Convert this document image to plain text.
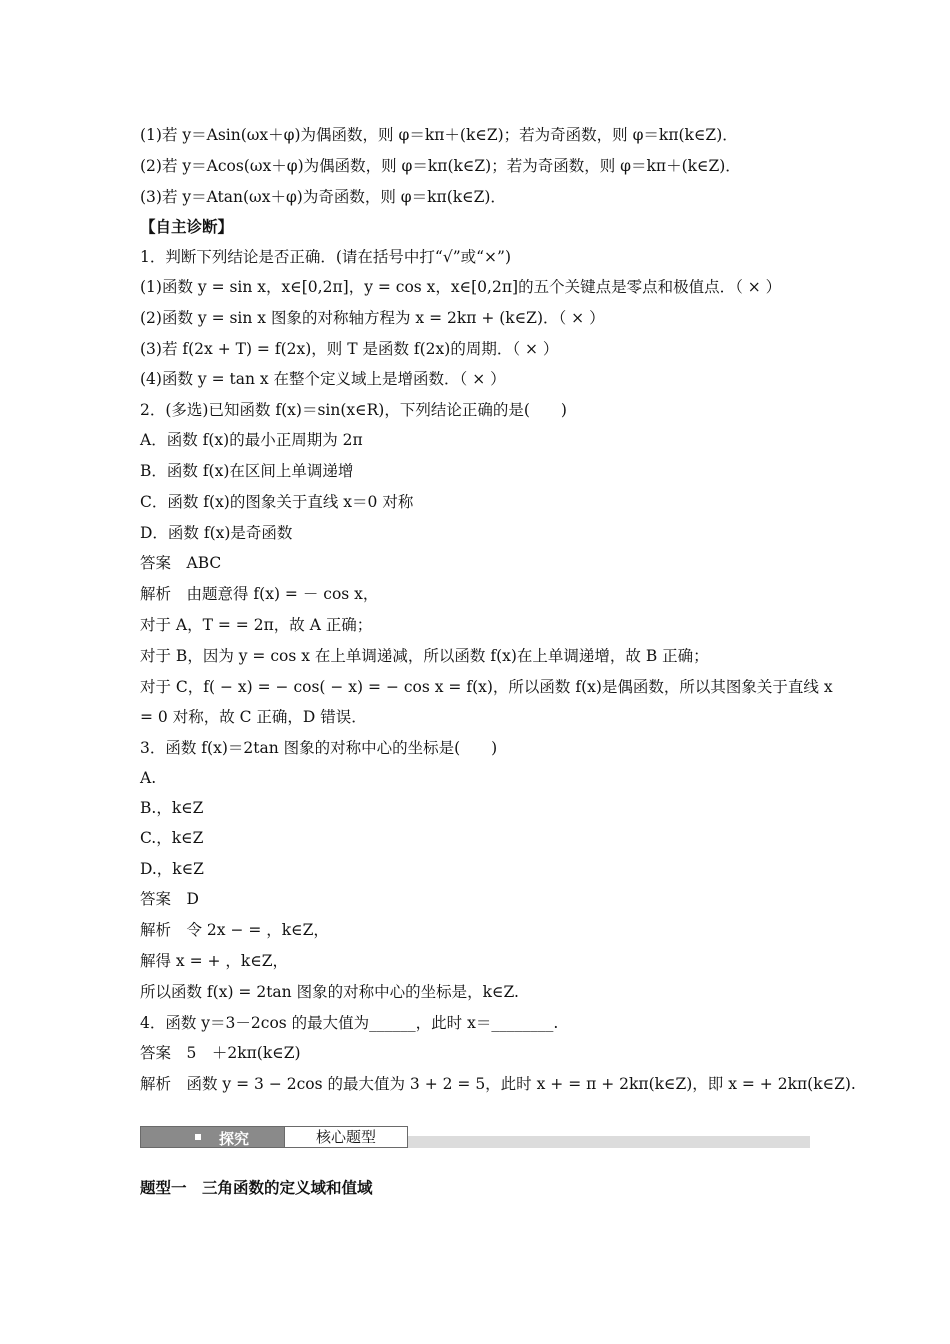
(1)若 y＝Asin(ωx＋φ)为偶函数，则 φ＝kπ＋(k∈Z)；若为奇函数，则 φ＝kπ(k∈Z)．
(2)若 y＝Acos(ωx＋φ)为偶函数，则 φ＝kπ(k∈Z)；若为奇函数，则 φ＝kπ＋(k∈Z)．
(3)若 y＝Atan(ωx＋φ)为奇函数，则 φ＝kπ(k∈Z)．
【自主诊断】
1．判断下列结论是否正确．(请在括号中打“√”或“×”)
(1)函数 y = sin x，x∈[0,2π]，y = cos x，x∈[0,2π]的五个关键点是零点和极值点．（ × ）
(2)函数 y = sin x 图象的对称轴方程为 x = 2kπ + (k∈Z)．（ × ）
(3)若 f(2x + T) = f(2x)，则 T 是函数 f(2x)的周期．（ × ）
(4)函数 y = tan x 在整个定义域上是增函数．（ × ）
2．(多选)已知函数 f(x)＝sin(x∈R)，下列结论正确的是(　　)
A．函数 f(x)的最小正周期为 2π
B．函数 f(x)在区间上单调递增
C．函数 f(x)的图象关于直线 x＝0 对称
D．函数 f(x)是奇函数
答案　ABC
解析　由题意得 f(x) = － cos x，
对于 A，T = = 2π，故 A 正确；
对于 B，因为 y = cos x 在上单调递减，所以函数 f(x)在上单调递增，故 B 正确；
对于 C，f( − x) = − cos( − x) = − cos x = f(x)，所以函数 f(x)是偶函数，所以其图象关于直线 x
= 0 对称，故 C 正确，D 错误．
3．函数 f(x)＝2tan 图象的对称中心的坐标是(　　)
A.
B.，k∈Z
C.，k∈Z
D.，k∈Z
答案　D
解析　令 2x − = ，k∈Z，
解得 x = + ，k∈Z，
所以函数 f(x) = 2tan 图象的对称中心的坐标是，k∈Z.
4．函数 y＝3－2cos 的最大值为______，此时 x＝________.
答案　5　＋2kπ(k∈Z)
解析　函数 y = 3 − 2cos 的最大值为 3 + 2 = 5，此时 x + = π + 2kπ(k∈Z)，即 x = + 2kπ(k∈Z).
探究	核心题型
题型一　三角函数的定义域和值域
